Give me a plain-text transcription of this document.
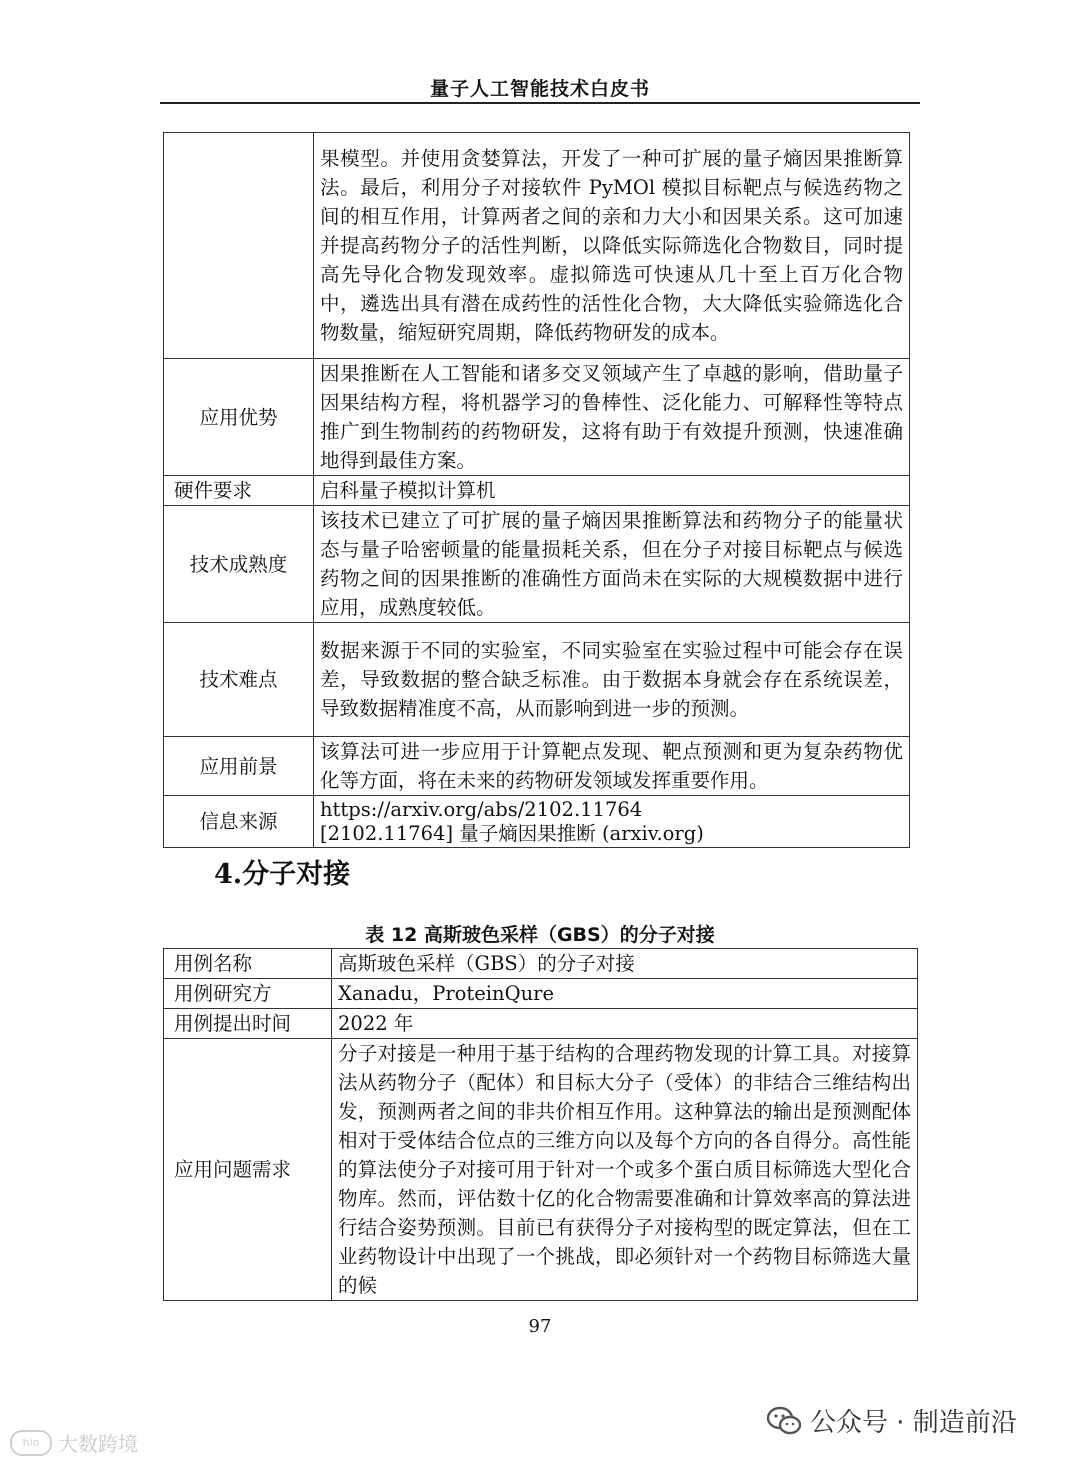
量子人工智能技术白皮书
	果模型。并使用贪婪算法，开发了一种可扩展的量子熵因果推断算法。最后，利用分子对接软件 PyMOl 模拟目标靶点与候选药物之间的相互作用，计算两者之间的亲和力大小和因果关系。这可加速并提高药物分子的活性判断，以降低实际筛选化合物数目，同时提高先导化合物发现效率。虚拟筛选可快速从几十至上百万化合物中，遴选出具有潜在成药性的活性化合物，大大降低实验筛选化合物数量，缩短研究周期，降低药物研发的成本。
应用优势	因果推断在人工智能和诸多交叉领域产生了卓越的影响，借助量子因果结构方程，将机器学习的鲁棒性、泛化能力、可解释性等特点推广到生物制药的药物研发，这将有助于有效提升预测，快速准确地得到最佳方案。
硬件要求	启科量子模拟计算机
技术成熟度	该技术已建立了可扩展的量子熵因果推断算法和药物分子的能量状态与量子哈密顿量的能量损耗关系，但在分子对接目标靶点与候选药物之间的因果推断的准确性方面尚未在实际的大规模数据中进行应用，成熟度较低。
技术难点	数据来源于不同的实验室，不同实验室在实验过程中可能会存在误差，导致数据的整合缺乏标准。由于数据本身就会存在系统误差，导致数据精准度不高，从而影响到进一步的预测。
应用前景	该算法可进一步应用于计算靶点发现、靶点预测和更为复杂药物优化等方面，将在未来的药物研发领域发挥重要作用。
信息来源	https://arxiv.org/abs/2102.11764
[2102.11764] 量子熵因果推断 (arxiv.org)
4.分子对接
表 12 高斯玻色采样（GBS）的分子对接
用例名称	高斯玻色采样（GBS）的分子对接
用例研究方	Xanadu，ProteinQure
用例提出时间	2022 年
应用问题需求	分子对接是一种用于基于结构的合理药物发现的计算工具。对接算法从药物分子（配体）和目标大分子（受体）的非结合三维结构出发，预测两者之间的非共价相互作用。这种算法的输出是预测配体相对于受体结合位点的三维方向以及每个方向的各自得分。高性能的算法使分子对接可用于针对一个或多个蛋白质目标筛选大型化合物库。然而，评估数十亿的化合物需要准确和计算效率高的算法进行结合姿势预测。目前已有获得分子对接构型的既定算法，但在工业药物设计中出现了一个挑战，即必须针对一个药物目标筛选大量的候
97
hio 大数跨境
公众号 · 制造前沿
